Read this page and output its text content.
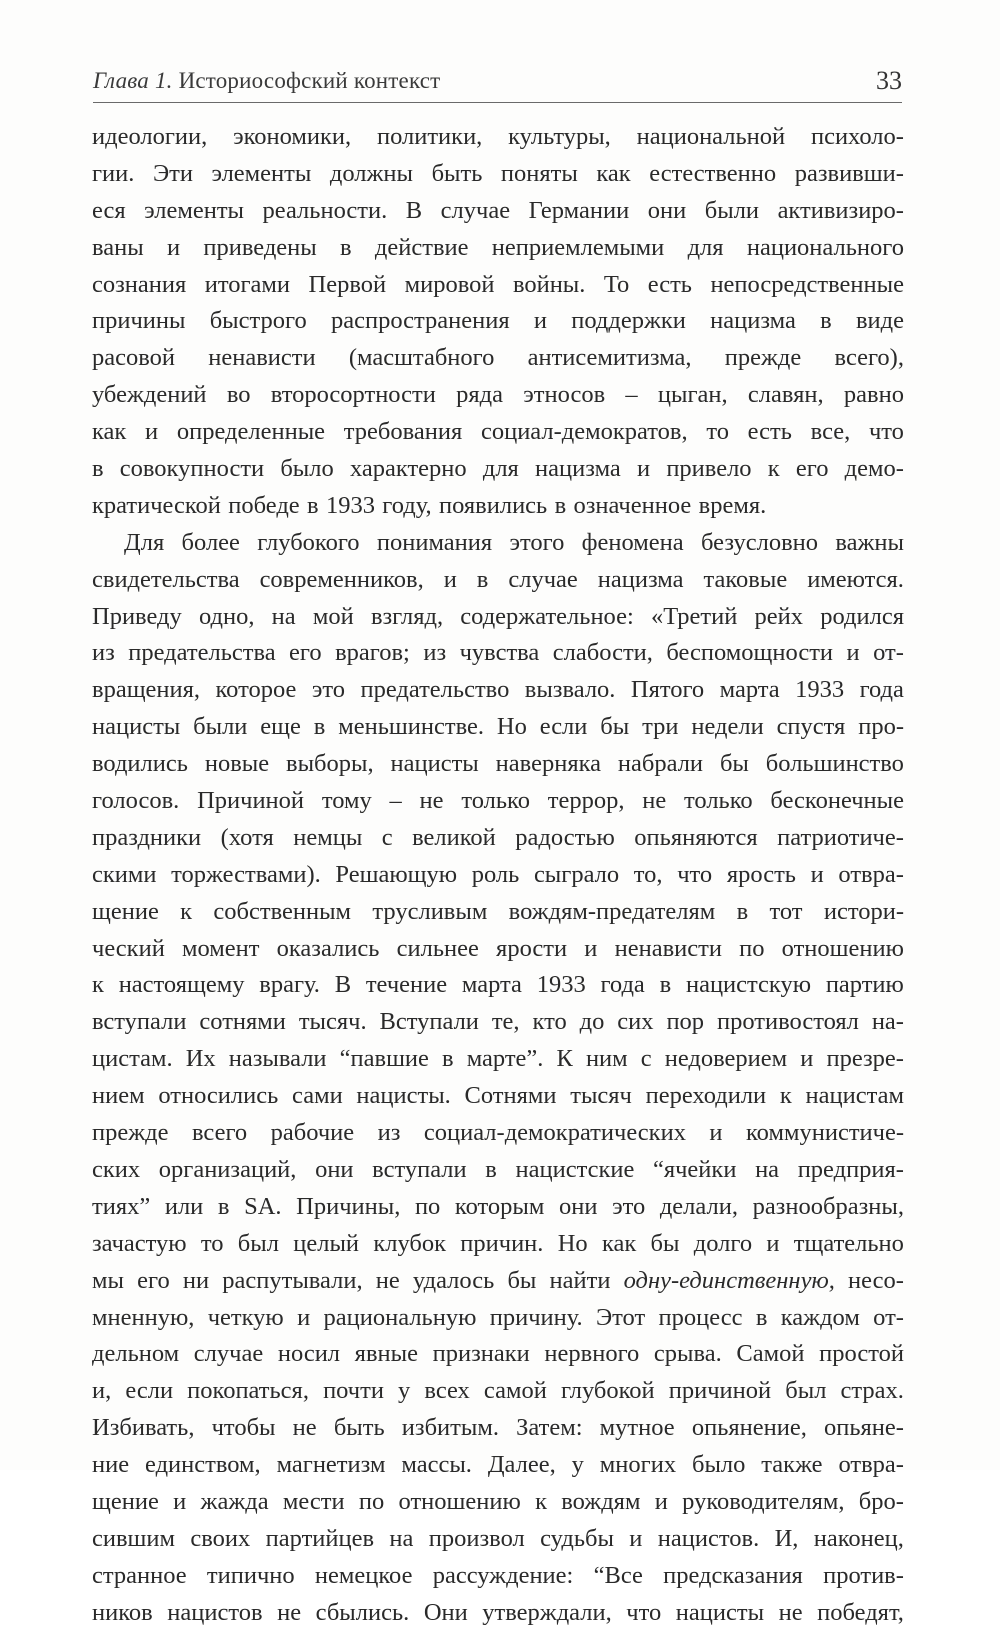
Глава 1. Историософский контекст	33
идеологии, экономики, политики, культуры, национальной психоло-
гии. Эти элементы должны быть поняты как естественно развивши-
еся элементы реальности. В случае Германии они были активизиро-
ваны и приведены в действие неприемлемыми для национального
сознания итогами Первой мировой войны. То есть непосредственные
причины быстрого распространения и поддержки нацизма в виде
расовой ненависти (масштабного антисемитизма, прежде всего),
убеждений во второсортности ряда этносов – цыган, славян, равно
как и определенные требования социал-демократов, то есть все, что
в совокупности было характерно для нацизма и привело к его демо-
кратической победе в 1933 году, появились в означенное время.
Для более глубокого понимания этого феномена безусловно важны
свидетельства современников, и в случае нацизма таковые имеются.
Приведу одно, на мой взгляд, содержательное: «Третий рейх родился
из предательства его врагов; из чувства слабости, беспомощности и от-
вращения, которое это предательство вызвало. Пятого марта 1933 года
нацисты были еще в меньшинстве. Но если бы три недели спустя про-
водились новые выборы, нацисты наверняка набрали бы большинство
голосов. Причиной тому – не только террор, не только бесконечные
праздники (хотя немцы с великой радостью опьяняются патриотиче-
скими торжествами). Решающую роль сыграло то, что ярость и отвра-
щение к собственным трусливым вождям-предателям в тот истори-
ческий момент оказались сильнее ярости и ненависти по отношению
к настоящему врагу. В течение марта 1933 года в нацистскую партию
вступали сотнями тысяч. Вступали те, кто до сих пор противостоял на-
цистам. Их называли “павшие в марте”. К ним с недоверием и презре-
нием относились сами нацисты. Сотнями тысяч переходили к нацистам
прежде всего рабочие из социал-демократических и коммунистиче-
ских организаций, они вступали в нацистские “ячейки на предприя-
тиях” или в SA. Причины, по которым они это делали, разнообразны,
зачастую то был целый клубок причин. Но как бы долго и тщательно
мы его ни распутывали, не удалось бы найти одну-единственную, несо-
мненную, четкую и рациональную причину. Этот процесс в каждом от-
дельном случае носил явные признаки нервного срыва. Самой простой
и, если покопаться, почти у всех самой глубокой причиной был страх.
Избивать, чтобы не быть избитым. Затем: мутное опьянение, опьяне-
ние единством, магнетизм массы. Далее, у многих было также отвра-
щение и жажда мести по отношению к вождям и руководителям, бро-
сившим своих партийцев на произвол судьбы и нацистов. И, наконец,
странное типично немецкое рассуждение: “Все предсказания против-
ников нацистов не сбылись. Они утверждали, что нацисты не победят,
